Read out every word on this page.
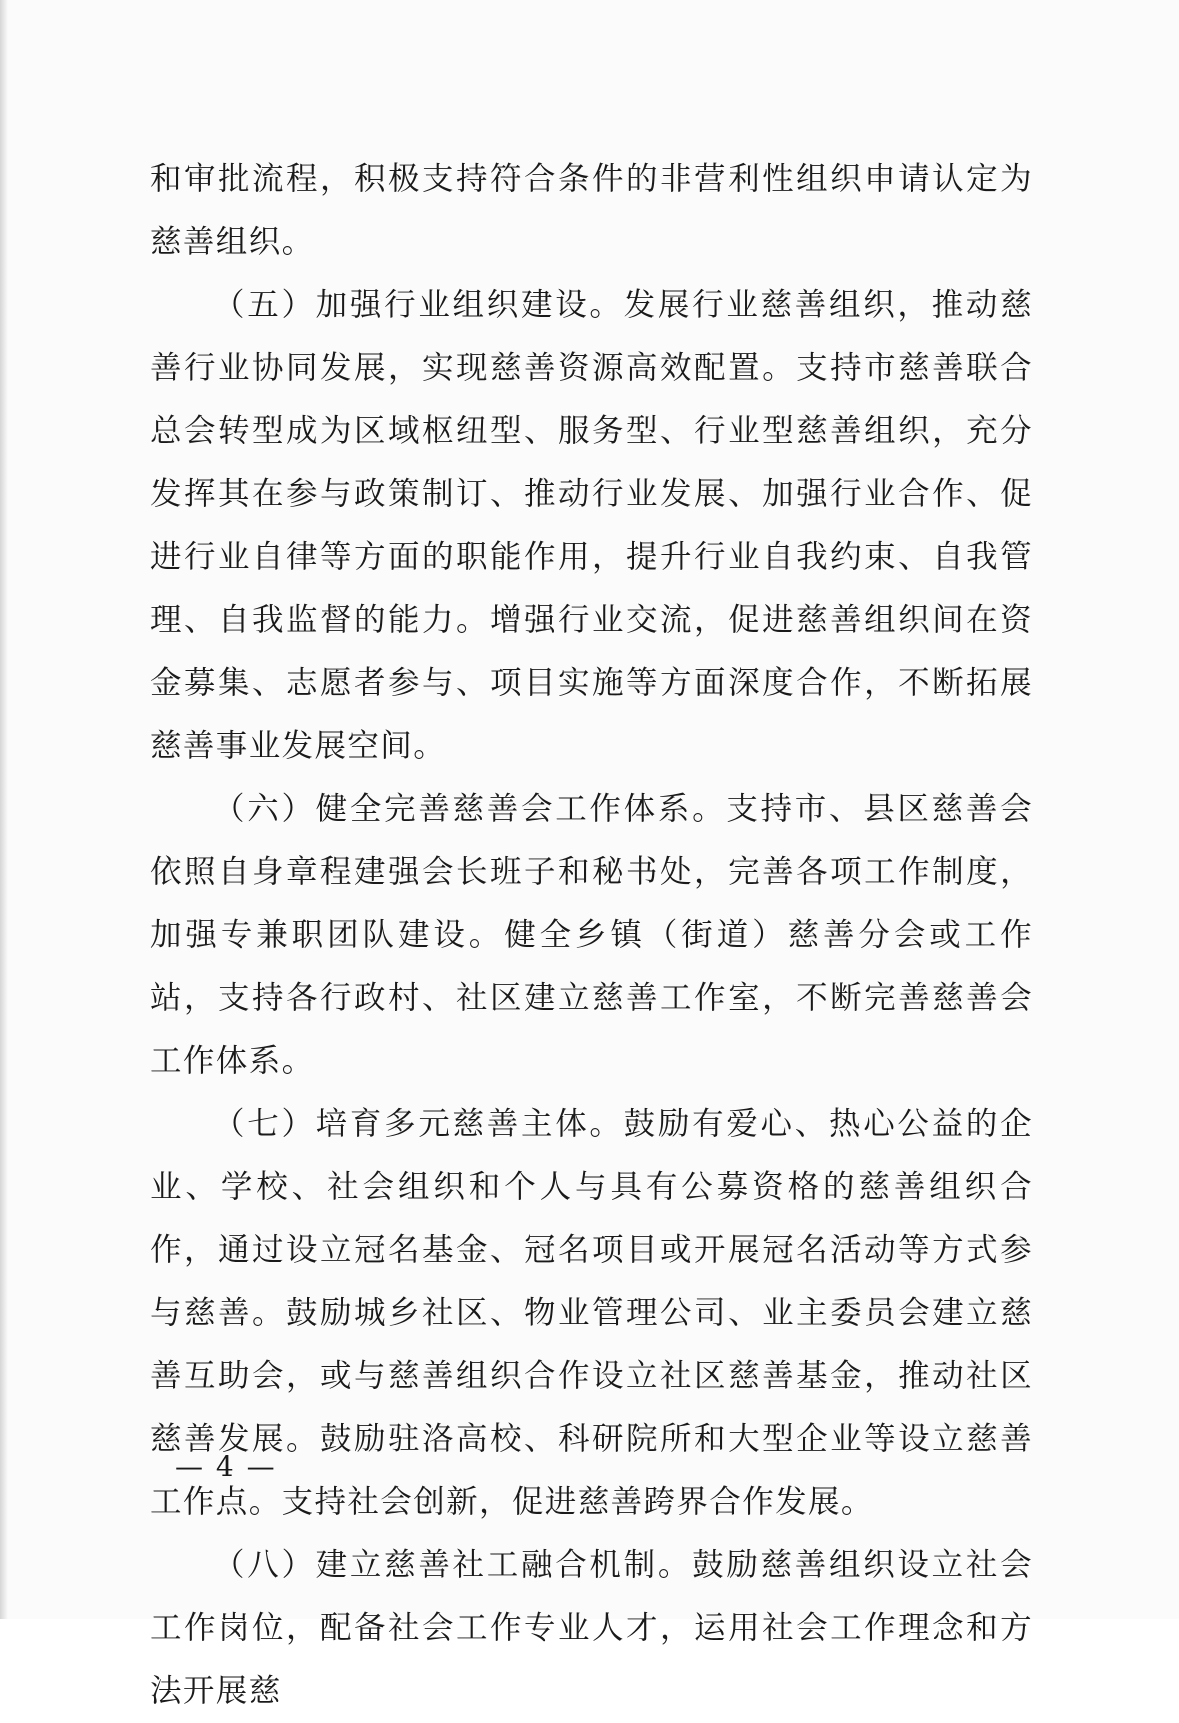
和审批流程，积极支持符合条件的非营利性组织申请认定为慈善组织。

（五）加强行业组织建设。发展行业慈善组织，推动慈善行业协同发展，实现慈善资源高效配置。支持市慈善联合总会转型成为区域枢纽型、服务型、行业型慈善组织，充分发挥其在参与政策制订、推动行业发展、加强行业合作、促进行业自律等方面的职能作用，提升行业自我约束、自我管理、自我监督的能力。增强行业交流，促进慈善组织间在资金募集、志愿者参与、项目实施等方面深度合作，不断拓展慈善事业发展空间。

（六）健全完善慈善会工作体系。支持市、县区慈善会依照自身章程建强会长班子和秘书处，完善各项工作制度，加强专兼职团队建设。健全乡镇（街道）慈善分会或工作站，支持各行政村、社区建立慈善工作室，不断完善慈善会工作体系。

（七）培育多元慈善主体。鼓励有爱心、热心公益的企业、学校、社会组织和个人与具有公募资格的慈善组织合作，通过设立冠名基金、冠名项目或开展冠名活动等方式参与慈善。鼓励城乡社区、物业管理公司、业主委员会建立慈善互助会，或与慈善组织合作设立社区慈善基金，推动社区慈善发展。鼓励驻洛高校、科研院所和大型企业等设立慈善工作点。支持社会创新，促进慈善跨界合作发展。

（八）建立慈善社工融合机制。鼓励慈善组织设立社会工作岗位，配备社会工作专业人才，运用社会工作理念和方法开展慈

— 4 —
